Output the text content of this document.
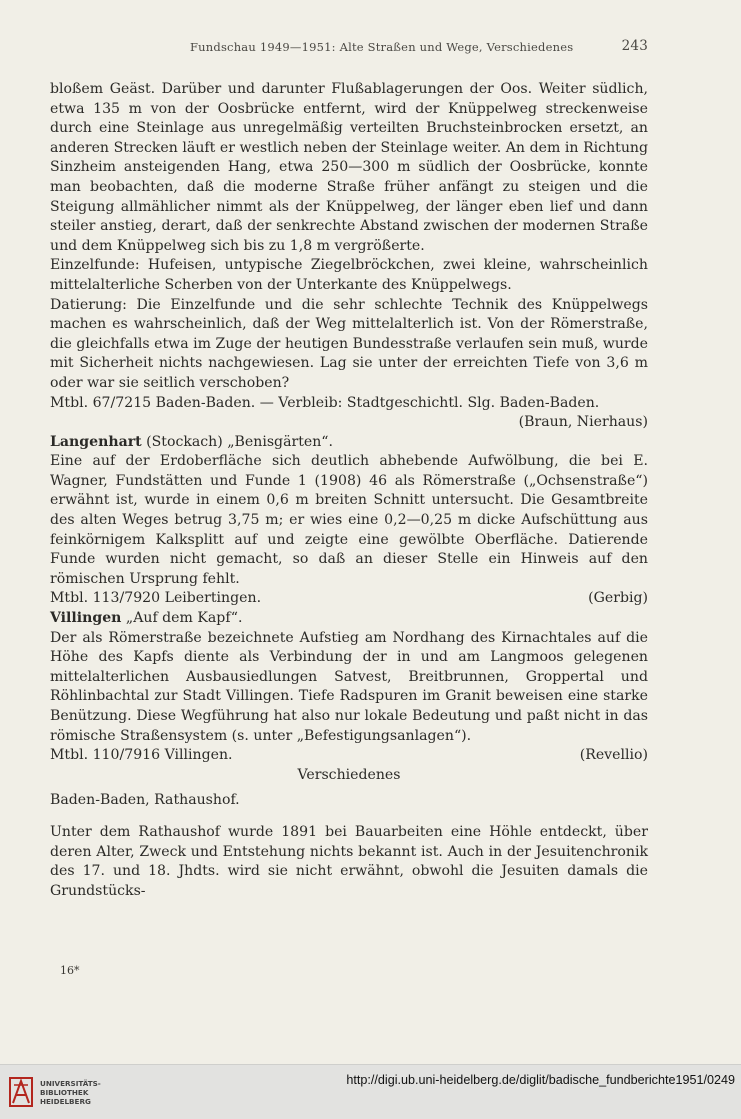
Fundschau 1949—1951: Alte Straßen und Wege, Verschiedenes	243

bloßem Geäst. Darüber und darunter Flußablagerungen der Oos. Weiter südlich, etwa 135 m von der Oosbrücke entfernt, wird der Knüppelweg streckenweise durch eine Steinlage aus unregelmäßig verteilten Bruchsteinbrocken ersetzt, an anderen Strecken läuft er westlich neben der Steinlage weiter. An dem in Richtung Sinzheim ansteigenden Hang, etwa 250—300 m südlich der Oosbrücke, konnte man beobachten, daß die moderne Straße früher anfängt zu steigen und die Steigung allmählicher nimmt als der Knüppelweg, der länger eben lief und dann steiler anstieg, derart, daß der senkrechte Abstand zwischen der modernen Straße und dem Knüppelweg sich bis zu 1,8 m vergrößerte.

Einzelfunde: Hufeisen, untypische Ziegelbröckchen, zwei kleine, wahrscheinlich mittelalterliche Scherben von der Unterkante des Knüppelwegs.

Datierung: Die Einzelfunde und die sehr schlechte Technik des Knüppelwegs machen es wahrscheinlich, daß der Weg mittelalterlich ist. Von der Römerstraße, die gleichfalls etwa im Zuge der heutigen Bundesstraße verlaufen sein muß, wurde mit Sicherheit nichts nachgewiesen. Lag sie unter der erreichten Tiefe von 3,6 m oder war sie seitlich verschoben?

Mtbl. 67/7215 Baden-Baden. — Verbleib: Stadtgeschichtl. Slg. Baden-Baden.

(Braun, Nierhaus)

Langenhart (Stockach) „Benisgärten“.

Eine auf der Erdoberfläche sich deutlich abhebende Aufwölbung, die bei E. Wagner, Fundstätten und Funde 1 (1908) 46 als Römerstraße („Ochsenstraße“) erwähnt ist, wurde in einem 0,6 m breiten Schnitt untersucht. Die Gesamtbreite des alten Weges betrug 3,75 m; er wies eine 0,2—0,25 m dicke Aufschüttung aus feinkörnigem Kalksplitt auf und zeigte eine gewölbte Oberfläche. Datierende Funde wurden nicht gemacht, so daß an dieser Stelle ein Hinweis auf den römischen Ursprung fehlt.

Mtbl. 113/7920 Leibertingen.	(Gerbig)

Villingen „Auf dem Kapf“.

Der als Römerstraße bezeichnete Aufstieg am Nordhang des Kirnachtales auf die Höhe des Kapfs diente als Verbindung der in und am Langmoos gelegenen mittelalterlichen Ausbausiedlungen Satvest, Breitbrunnen, Groppertal und Röhlinbachtal zur Stadt Villingen. Tiefe Radspuren im Granit beweisen eine starke Benützung. Diese Wegführung hat also nur lokale Bedeutung und paßt nicht in das römische Straßensystem (s. unter „Befestigungsanlagen“).

Mtbl. 110/7916 Villingen.	(Revellio)

Verschiedenes

Baden-Baden, Rathaushof.

Unter dem Rathaushof wurde 1891 bei Bauarbeiten eine Höhle entdeckt, über deren Alter, Zweck und Entstehung nichts bekannt ist. Auch in der Jesuitenchronik des 17. und 18. Jhdts. wird sie nicht erwähnt, obwohl die Jesuiten damals die Grundstücks-

16*
UNIVERSITÄTS-
BIBLIOTHEK
HEIDELBERG
http://digi.ub.uni-heidelberg.de/diglit/badische_fundberichte1951/0249
